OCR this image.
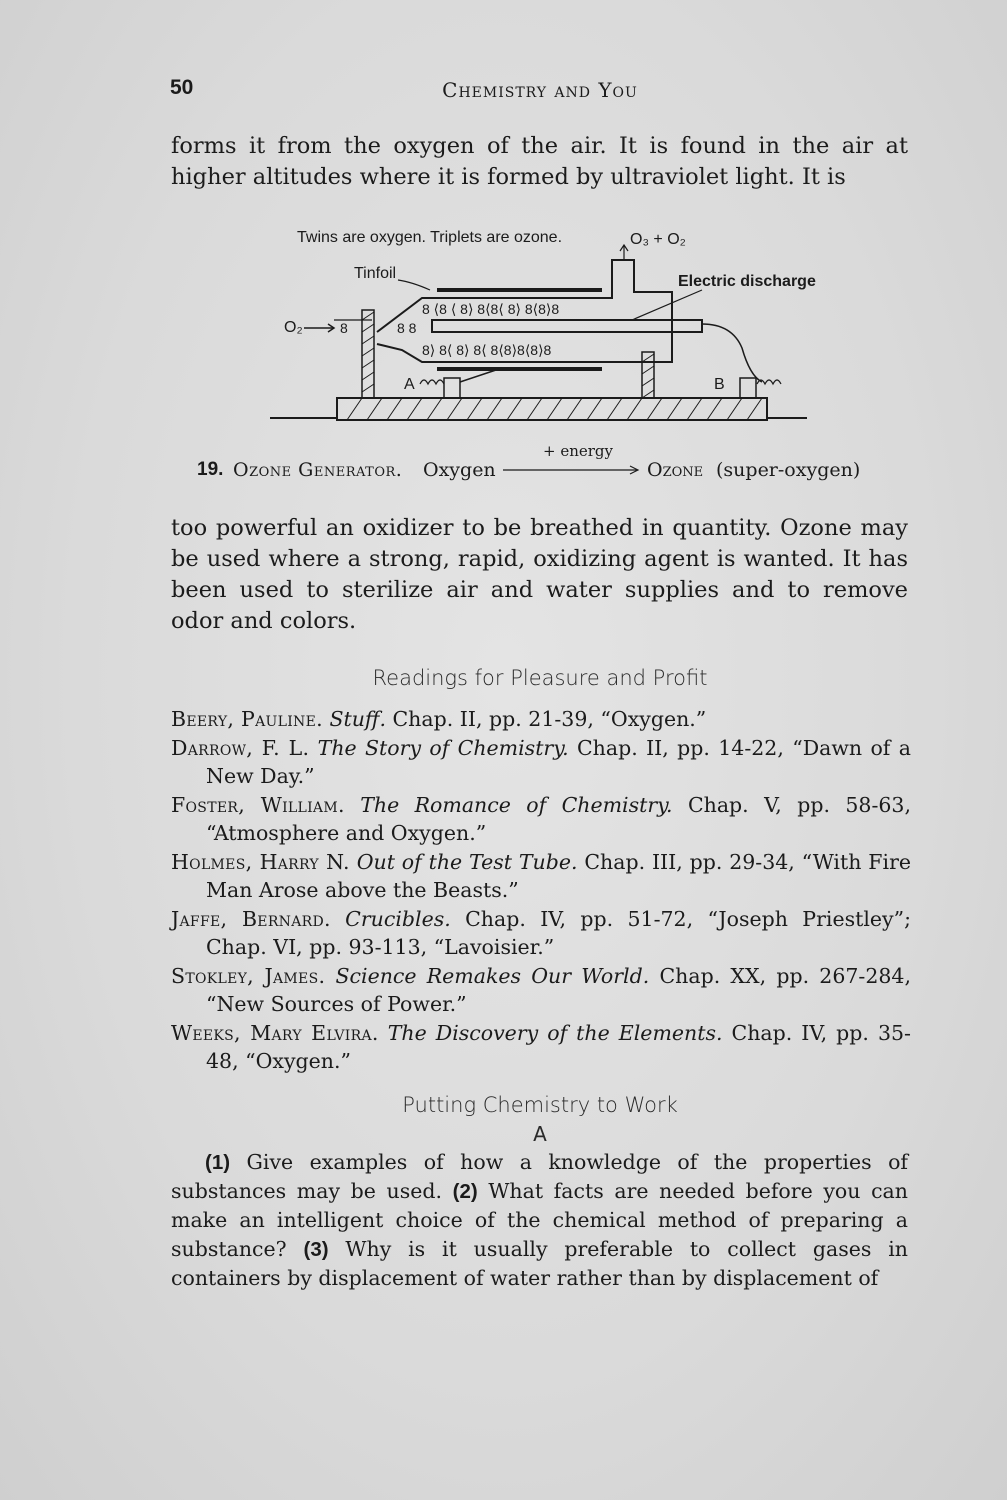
50	Chemistry and You
forms it from the oxygen of the air. It is found in the air at higher altitudes where it is formed by ultraviolet light. It is
Twins are oxygen. Triplets are ozone.	O₃ + O₂
Tinfoil	Electric discharge
8 ⟨8 ⟨ 8⟩ 8⟨8⟨ 8⟩ 8⟨8⟩8
8⟩ 8⟨ 8⟩ 8⟨ 8⟨8⟩8⟨8⟩8
8 8
O₂	8
A	B
19. Ozone Generator. Oxygen
+ energy
Ozone (super-oxygen)
too powerful an oxidizer to be breathed in quantity. Ozone may be used where a strong, rapid, oxidizing agent is wanted. It has been used to sterilize air and water supplies and to remove odor and colors.
Readings for Pleasure and Profit
Beery, Pauline. Stuff. Chap. II, pp. 21-39, “Oxygen.”
Darrow, F. L. The Story of Chemistry. Chap. II, pp. 14-22, “Dawn of a New Day.”
Foster, William. The Romance of Chemistry. Chap. V, pp. 58-63, “Atmosphere and Oxygen.”
Holmes, Harry N. Out of the Test Tube. Chap. III, pp. 29-34, “With Fire Man Arose above the Beasts.”
Jaffe, Bernard. Crucibles. Chap. IV, pp. 51-72, “Joseph Priestley”; Chap. VI, pp. 93-113, “Lavoisier.”
Stokley, James. Science Remakes Our World. Chap. XX, pp. 267-284, “New Sources of Power.”
Weeks, Mary Elvira. The Discovery of the Elements. Chap. IV, pp. 35-48, “Oxygen.”
Putting Chemistry to Work
A
(1) Give examples of how a knowledge of the properties of substances may be used. (2) What facts are needed before you can make an intelligent choice of the chemical method of preparing a substance? (3) Why is it usually preferable to collect gases in containers by displacement of water rather than by displacement of
